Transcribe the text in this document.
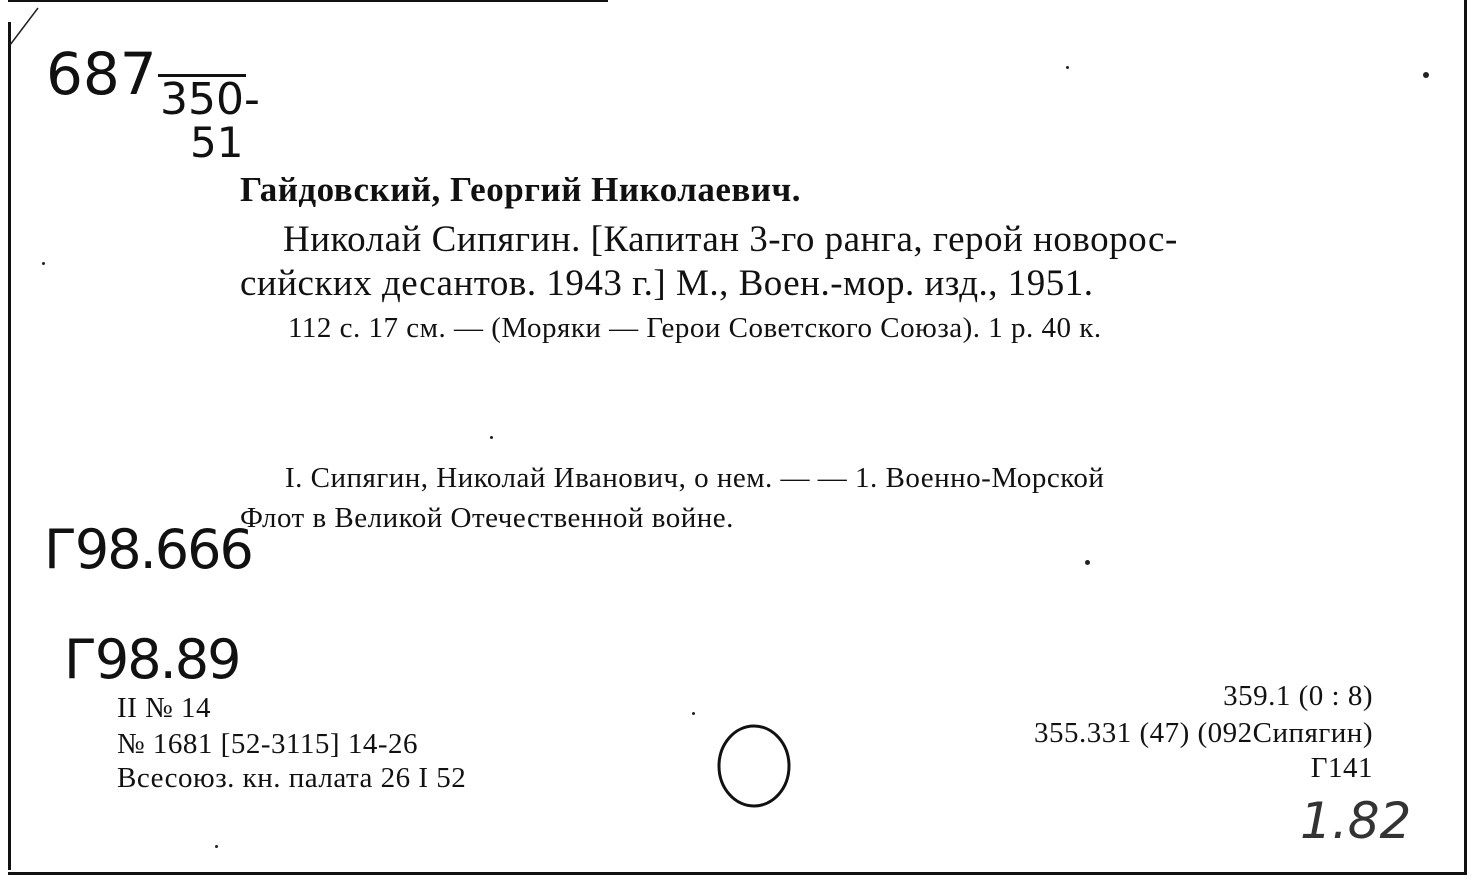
687 350-
51
Гайдовский, Георгий Николаевич.
Николай Сипягин. [Капитан 3-го ранга, герой новорос-
сийских десантов. 1943 г.] М., Воен.-мор. изд., 1951.
112 с. 17 см. — (Моряки — Герои Советского Союза). 1 р. 40 к.
I. Сипягин, Николай Иванович, о нем. — — 1. Военно-Морской
Флот в Великой Отечественной войне.
Г98.666
Г98.89
II № 14
№ 1681 [52-3115] 14-26
Всесоюз. кн. палата 26 I 52
359.1 (0 : 8)
355.331 (47) (092Сипягин)
Г141
1.82
